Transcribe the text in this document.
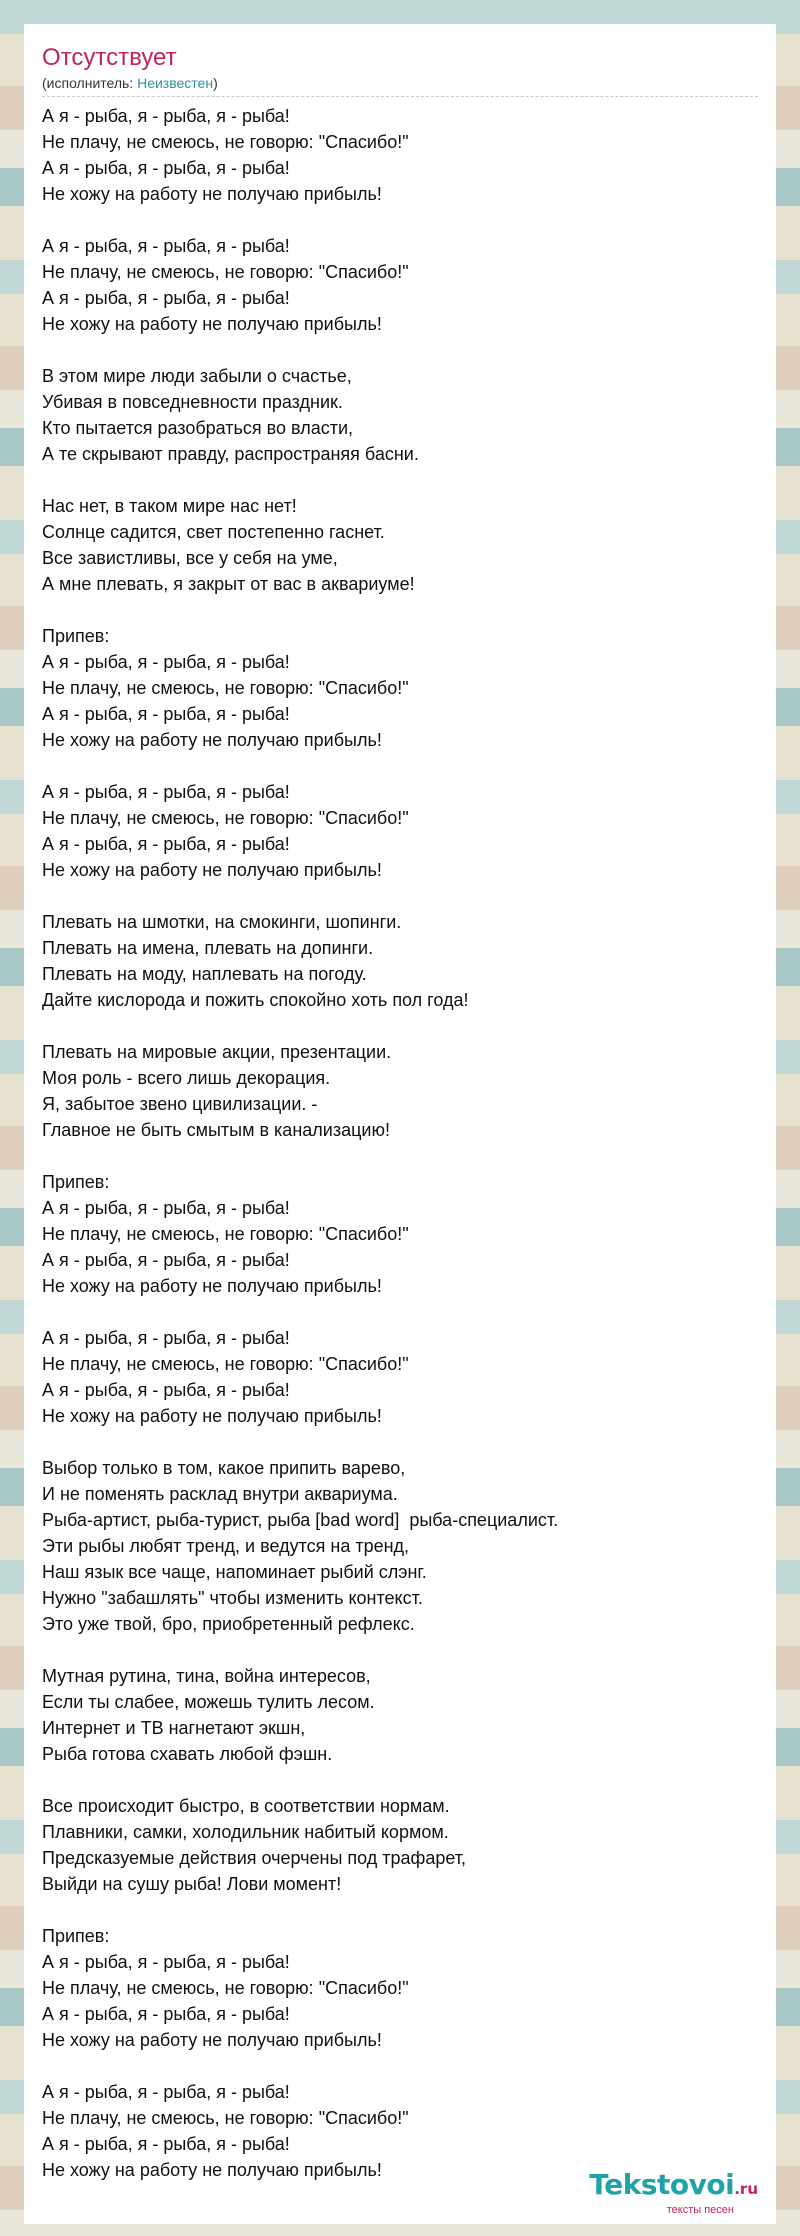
Отсутствует
(исполнитель: Неизвестен)
А я - рыба, я - рыба, я - рыба!
Не плачу, не смеюсь, не говорю: "Спасибо!"
А я - рыба, я - рыба, я - рыба!
Не хожу на работу не получаю прибыль!

А я - рыба, я - рыба, я - рыба!
Не плачу, не смеюсь, не говорю: "Спасибо!"
А я - рыба, я - рыба, я - рыба!
Не хожу на работу не получаю прибыль!

В этом мире люди забыли о счастье,
Убивая в повседневности праздник.
Кто пытается разобраться во власти,
А те скрывают правду, распространяя басни.

Нас нет, в таком мире нас нет!
Солнце садится, свет постепенно гаснет.
Все завистливы, все у себя на уме,
А мне плевать, я закрыт от вас в аквариуме!

Припев:
А я - рыба, я - рыба, я - рыба!
Не плачу, не смеюсь, не говорю: "Спасибо!"
А я - рыба, я - рыба, я - рыба!
Не хожу на работу не получаю прибыль!

А я - рыба, я - рыба, я - рыба!
Не плачу, не смеюсь, не говорю: "Спасибо!"
А я - рыба, я - рыба, я - рыба!
Не хожу на работу не получаю прибыль!

Плевать на шмотки, на смокинги, шопинги.
Плевать на имена, плевать на допинги.
Плевать на моду, наплевать на погоду.
Дайте кислорода и пожить спокойно хоть пол года!

Плевать на мировые акции, презентации.
Моя роль - всего лишь декорация.
Я, забытое звено цивилизации. -
Главное не быть смытым в канализацию!

Припев:
А я - рыба, я - рыба, я - рыба!
Не плачу, не смеюсь, не говорю: "Спасибо!"
А я - рыба, я - рыба, я - рыба!
Не хожу на работу не получаю прибыль!

А я - рыба, я - рыба, я - рыба!
Не плачу, не смеюсь, не говорю: "Спасибо!"
А я - рыба, я - рыба, я - рыба!
Не хожу на работу не получаю прибыль!

Выбор только в том, какое припить варево,
И не поменять расклад внутри аквариума.
Рыба-артист, рыба-турист, рыба [bad word]  рыба-специалист.
Эти рыбы любят тренд, и ведутся на тренд,
Наш язык все чаще, напоминает рыбий слэнг.
Нужно "забашлять" чтобы изменить контекст.
Это уже твой, бро, приобретенный рефлекс.

Мутная рутина, тина, война интересов,
Если ты слабее, можешь тулить лесом.
Интернет и ТВ нагнетают экшн,
Рыба готова схавать любой фэшн.

Все происходит быстро, в соответствии нормам.
Плавники, самки, холодильник набитый кормом.
Предсказуемые действия очерчены под трафарет,
Выйди на сушу рыба! Лови момент!

Припев:
А я - рыба, я - рыба, я - рыба!
Не плачу, не смеюсь, не говорю: "Спасибо!"
А я - рыба, я - рыба, я - рыба!
Не хожу на работу не получаю прибыль!

А я - рыба, я - рыба, я - рыба!
Не плачу, не смеюсь, не говорю: "Спасибо!"
А я - рыба, я - рыба, я - рыба!
Не хожу на работу не получаю прибыль!	Tekstovoi.ru
тексты песен
